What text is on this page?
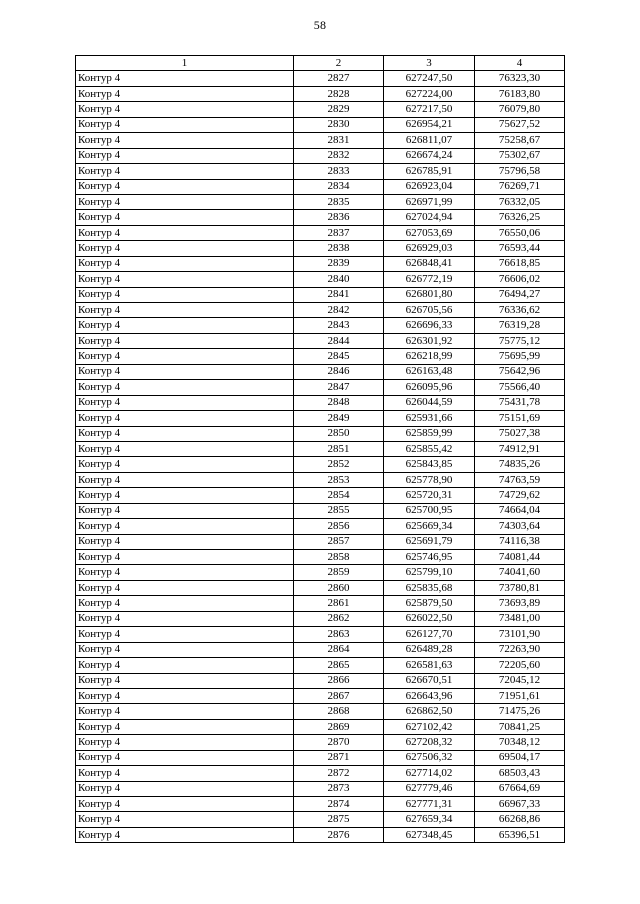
58
1	2	3	4
Контур 4	2827	627247,50	76323,30
Контур 4	2828	627224,00	76183,80
Контур 4	2829	627217,50	76079,80
Контур 4	2830	626954,21	75627,52
Контур 4	2831	626811,07	75258,67
Контур 4	2832	626674,24	75302,67
Контур 4	2833	626785,91	75796,58
Контур 4	2834	626923,04	76269,71
Контур 4	2835	626971,99	76332,05
Контур 4	2836	627024,94	76326,25
Контур 4	2837	627053,69	76550,06
Контур 4	2838	626929,03	76593,44
Контур 4	2839	626848,41	76618,85
Контур 4	2840	626772,19	76606,02
Контур 4	2841	626801,80	76494,27
Контур 4	2842	626705,56	76336,62
Контур 4	2843	626696,33	76319,28
Контур 4	2844	626301,92	75775,12
Контур 4	2845	626218,99	75695,99
Контур 4	2846	626163,48	75642,96
Контур 4	2847	626095,96	75566,40
Контур 4	2848	626044,59	75431,78
Контур 4	2849	625931,66	75151,69
Контур 4	2850	625859,99	75027,38
Контур 4	2851	625855,42	74912,91
Контур 4	2852	625843,85	74835,26
Контур 4	2853	625778,90	74763,59
Контур 4	2854	625720,31	74729,62
Контур 4	2855	625700,95	74664,04
Контур 4	2856	625669,34	74303,64
Контур 4	2857	625691,79	74116,38
Контур 4	2858	625746,95	74081,44
Контур 4	2859	625799,10	74041,60
Контур 4	2860	625835,68	73780,81
Контур 4	2861	625879,50	73693,89
Контур 4	2862	626022,50	73481,00
Контур 4	2863	626127,70	73101,90
Контур 4	2864	626489,28	72263,90
Контур 4	2865	626581,63	72205,60
Контур 4	2866	626670,51	72045,12
Контур 4	2867	626643,96	71951,61
Контур 4	2868	626862,50	71475,26
Контур 4	2869	627102,42	70841,25
Контур 4	2870	627208,32	70348,12
Контур 4	2871	627506,32	69504,17
Контур 4	2872	627714,02	68503,43
Контур 4	2873	627779,46	67664,69
Контур 4	2874	627771,31	66967,33
Контур 4	2875	627659,34	66268,86
Контур 4	2876	627348,45	65396,51
